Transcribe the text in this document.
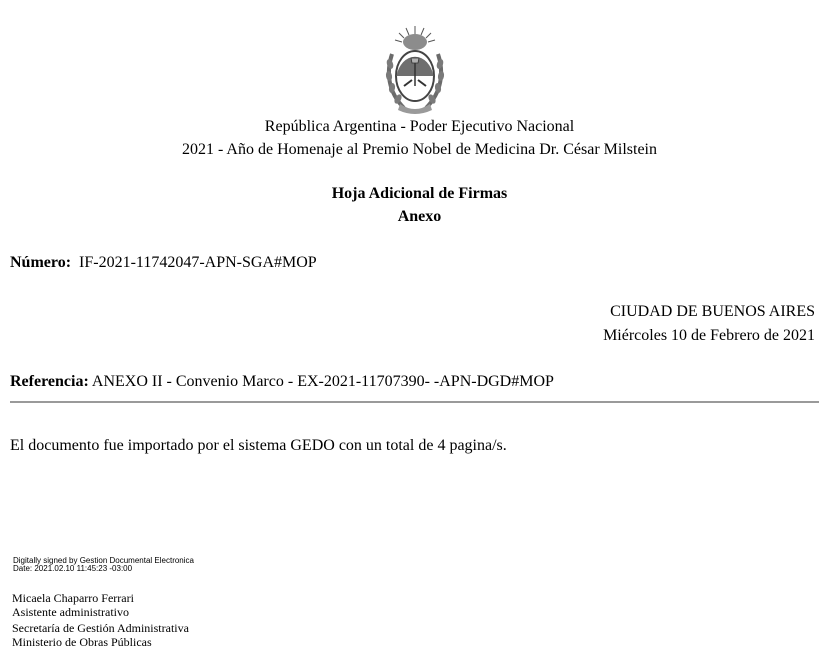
República Argentina - Poder Ejecutivo Nacional
2021 - Año de Homenaje al Premio Nobel de Medicina Dr. César Milstein
Hoja Adicional de Firmas
Anexo
Número: IF-2021-11742047-APN-SGA#MOP
CIUDAD DE BUENOS AIRES
Miércoles 10 de Febrero de 2021
Referencia: ANEXO II - Convenio Marco - EX-2021-11707390- -APN-DGD#MOP
El documento fue importado por el sistema GEDO con un total de 4 pagina/s.
Digitally signed by Gestion Documental Electronica
Date: 2021.02.10 11:45:23 -03:00
Micaela Chaparro Ferrari
Asistente administrativo
Secretaría de Gestión Administrativa
Ministerio de Obras Públicas
